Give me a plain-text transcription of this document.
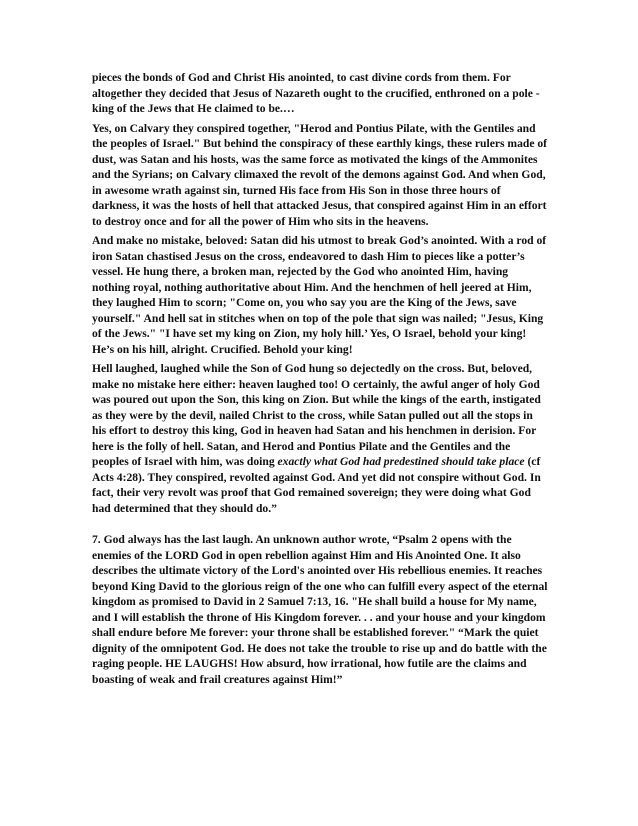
pieces the bonds of God and Christ His anointed, to cast divine cords from them. For altogether they decided that Jesus of Nazareth ought to the crucified, enthroned on a pole - king of the Jews that He claimed to be.…

Yes, on Calvary they conspired together, "Herod and Pontius Pilate, with the Gentiles and the peoples of Israel." But behind the conspiracy of these earthly kings, these rulers made of dust, was Satan and his hosts, was the same force as motivated the kings of the Ammonites and the Syrians; on Calvary climaxed the revolt of the demons against God. And when God, in awesome wrath against sin, turned His face from His Son in those three hours of darkness, it was the hosts of hell that attacked Jesus, that conspired against Him in an effort to destroy once and for all the power of Him who sits in the heavens.

And make no mistake, beloved: Satan did his utmost to break God’s anointed. With a rod of iron Satan chastised Jesus on the cross, endeavored to dash Him to pieces like a potter’s vessel. He hung there, a broken man, rejected by the God who anointed Him, having nothing royal, nothing authoritative about Him. And the henchmen of hell jeered at Him, they laughed Him to scorn; "Come on, you who say you are the King of the Jews, save yourself." And hell sat in stitches when on top of the pole that sign was nailed; "Jesus, King of the Jews." "I have set my king on Zion, my holy hill.’ Yes, O Israel, behold your king! He’s on his hill, alright. Crucified. Behold your king!

Hell laughed, laughed while the Son of God hung so dejectedly on the cross. But, beloved, make no mistake here either: heaven laughed too! O certainly, the awful anger of holy God was poured out upon the Son, this king on Zion. But while the kings of the earth, instigated as they were by the devil, nailed Christ to the cross, while Satan pulled out all the stops in his effort to destroy this king, God in heaven had Satan and his henchmen in derision. For here is the folly of hell. Satan, and Herod and Pontius Pilate and the Gentiles and the peoples of Israel with him, was doing exactly what God had predestined should take place (cf Acts 4:28). They conspired, revolted against God. And yet did not conspire without God. In fact, their very revolt was proof that God remained sovereign; they were doing what God had determined that they should do.”

7. God always has the last laugh. An unknown author wrote, “Psalm 2 opens with the enemies of the LORD God in open rebellion against Him and His Anointed One. It also describes the ultimate victory of the Lord's anointed over His rebellious enemies. It reaches beyond King David to the glorious reign of the one who can fulfill every aspect of the eternal kingdom as promised to David in 2 Samuel 7:13, 16. "He shall build a house for My name, and I will establish the throne of His Kingdom forever. . . and your house and your kingdom shall endure before Me forever: your throne shall be established forever." “Mark the quiet dignity of the omnipotent God. He does not take the trouble to rise up and do battle with the raging people. HE LAUGHS! How absurd, how irrational, how futile are the claims and boasting of weak and frail creatures against Him!”
